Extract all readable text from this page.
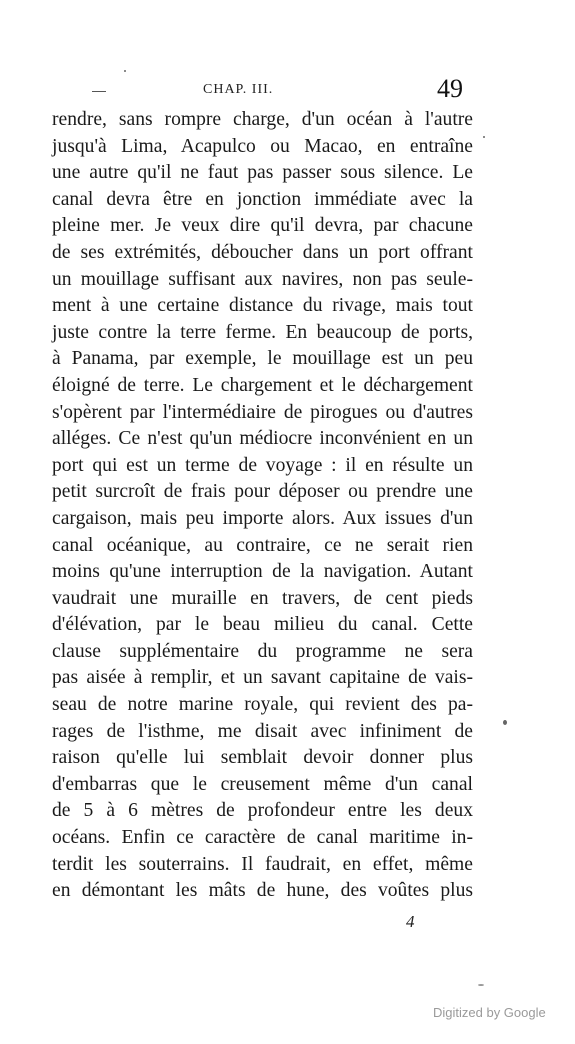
CHAP. III.	49
rendre, sans rompre charge, d'un océan à l'autre
jusqu'à Lima, Acapulco ou Macao, en entraîne
une autre qu'il ne faut pas passer sous silence. Le
canal devra être en jonction immédiate avec la
pleine mer. Je veux dire qu'il devra, par chacune
de ses extrémités, déboucher dans un port offrant
un mouillage suffisant aux navires, non pas seule-
ment à une certaine distance du rivage, mais tout
juste contre la terre ferme. En beaucoup de ports,
à Panama, par exemple, le mouillage est un peu
éloigné de terre. Le chargement et le déchargement
s'opèrent par l'intermédiaire de pirogues ou d'autres
alléges. Ce n'est qu'un médiocre inconvénient en un
port qui est un terme de voyage : il en résulte un
petit surcroît de frais pour déposer ou prendre une
cargaison, mais peu importe alors. Aux issues d'un
canal océanique, au contraire, ce ne serait rien
moins qu'une interruption de la navigation. Autant
vaudrait une muraille en travers, de cent pieds
d'élévation, par le beau milieu du canal. Cette
clause supplémentaire du programme ne sera
pas aisée à remplir, et un savant capitaine de vais-
seau de notre marine royale, qui revient des pa-
rages de l'isthme, me disait avec infiniment de
raison qu'elle lui semblait devoir donner plus
d'embarras que le creusement même d'un canal
de 5 à 6 mètres de profondeur entre les deux
océans. Enfin ce caractère de canal maritime in-
terdit les souterrains. Il faudrait, en effet, même
en démontant les mâts de hune, des voûtes plus
4
Digitized by Google
